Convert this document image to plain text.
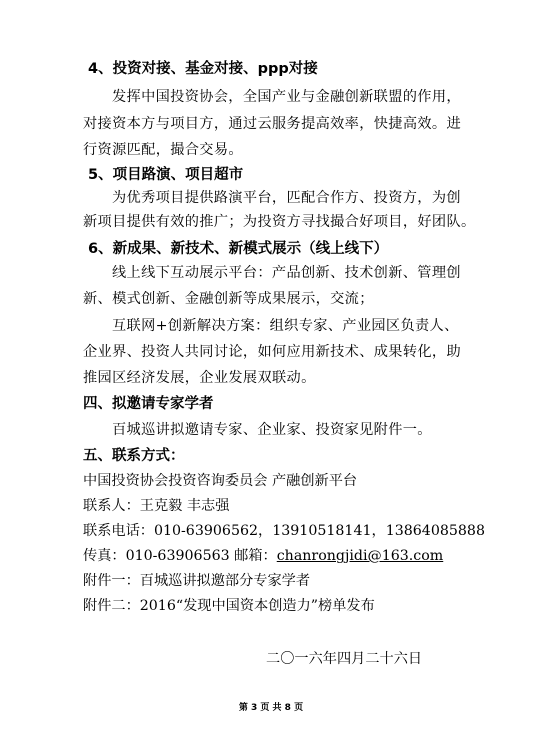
4、投资对接、基金对接、ppp对接
发挥中国投资协会，全国产业与金融创新联盟的作用，
对接资本方与项目方，通过云服务提高效率，快捷高效。进
行资源匹配，撮合交易。
5、项目路演、项目超市
为优秀项目提供路演平台，匹配合作方、投资方，为创
新项目提供有效的推广；为投资方寻找撮合好项目，好团队。
6、新成果、新技术、新模式展示（线上线下）
线上线下互动展示平台：产品创新、技术创新、管理创
新、模式创新、金融创新等成果展示，交流；
互联网+创新解决方案：组织专家、产业园区负责人、
企业界、投资人共同讨论，如何应用新技术、成果转化，助
推园区经济发展，企业发展双联动。
四、拟邀请专家学者
百城巡讲拟邀请专家、企业家、投资家见附件一。
五、联系方式：
中国投资协会投资咨询委员会 产融创新平台
联系人：王克毅 丰志强
联系电话：010-63906562，13910518141，13864085888
传真：010-63906563 邮箱：chanrongjidi@163.com
附件一：百城巡讲拟邀部分专家学者
附件二：2016“发现中国资本创造力”榜单发布
二〇一六年四月二十六日
第 3 页 共 8 页
